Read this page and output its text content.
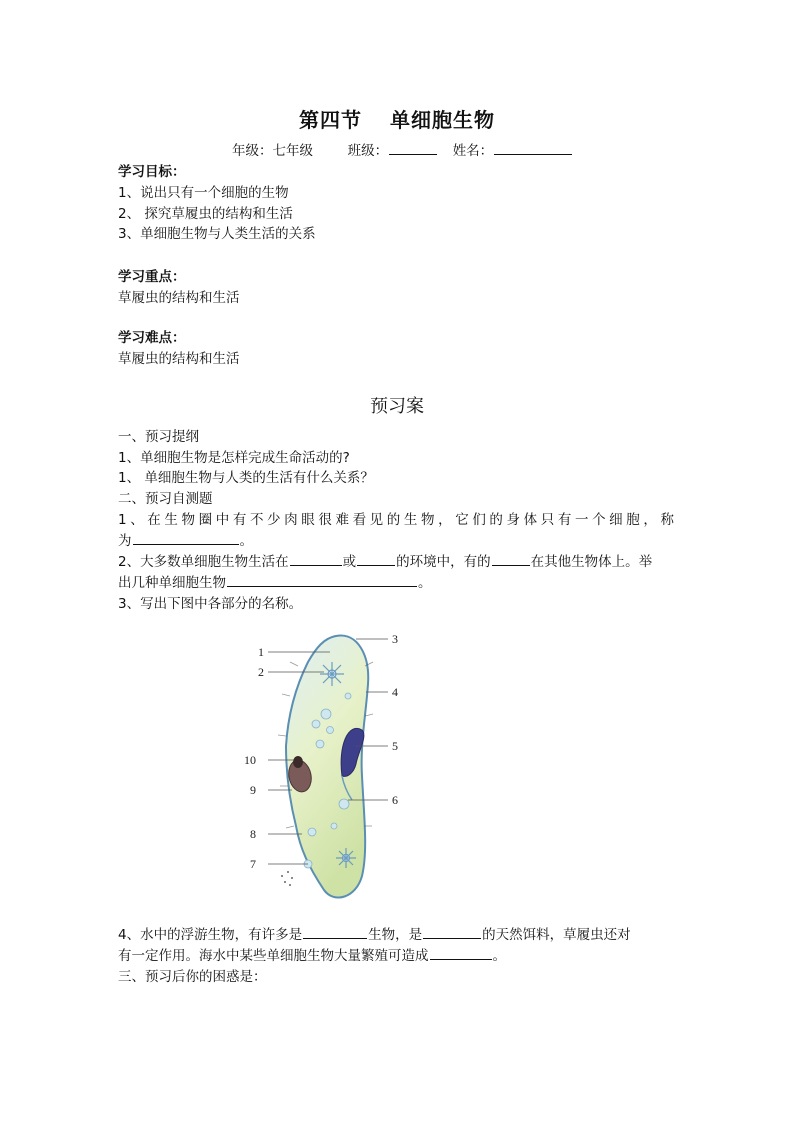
第四节 单细胞生物
年级：七年级	班级：	姓名：
学习目标：
1、说出只有一个细胞的生物
2、 探究草履虫的结构和生活
3、单细胞生物与人类生活的关系
学习重点：
草履虫的结构和生活
学习难点：
草履虫的结构和生活
预习案
一、预习提纲
1、单细胞生物是怎样完成生命活动的?
1、 单细胞生物与人类的生活有什么关系？
二、预习自测题
1、在生物圈中有不少肉眼很难看见的生物，它们的身体只有一个细胞，称
为	。
2、大多数单细胞生物生活在	或	的环境中，有的	在其他生物体上。举
出几种单细胞生物	。
3、写出下图中各部分的名称。
1
2
3
4
5
6
7
8
9
10
4、水中的浮游生物，有许多是	生物，是	的天然饵料，草履虫还对
有一定作用。海水中某些单细胞生物大量繁殖可造成	。
三、预习后你的困惑是：
